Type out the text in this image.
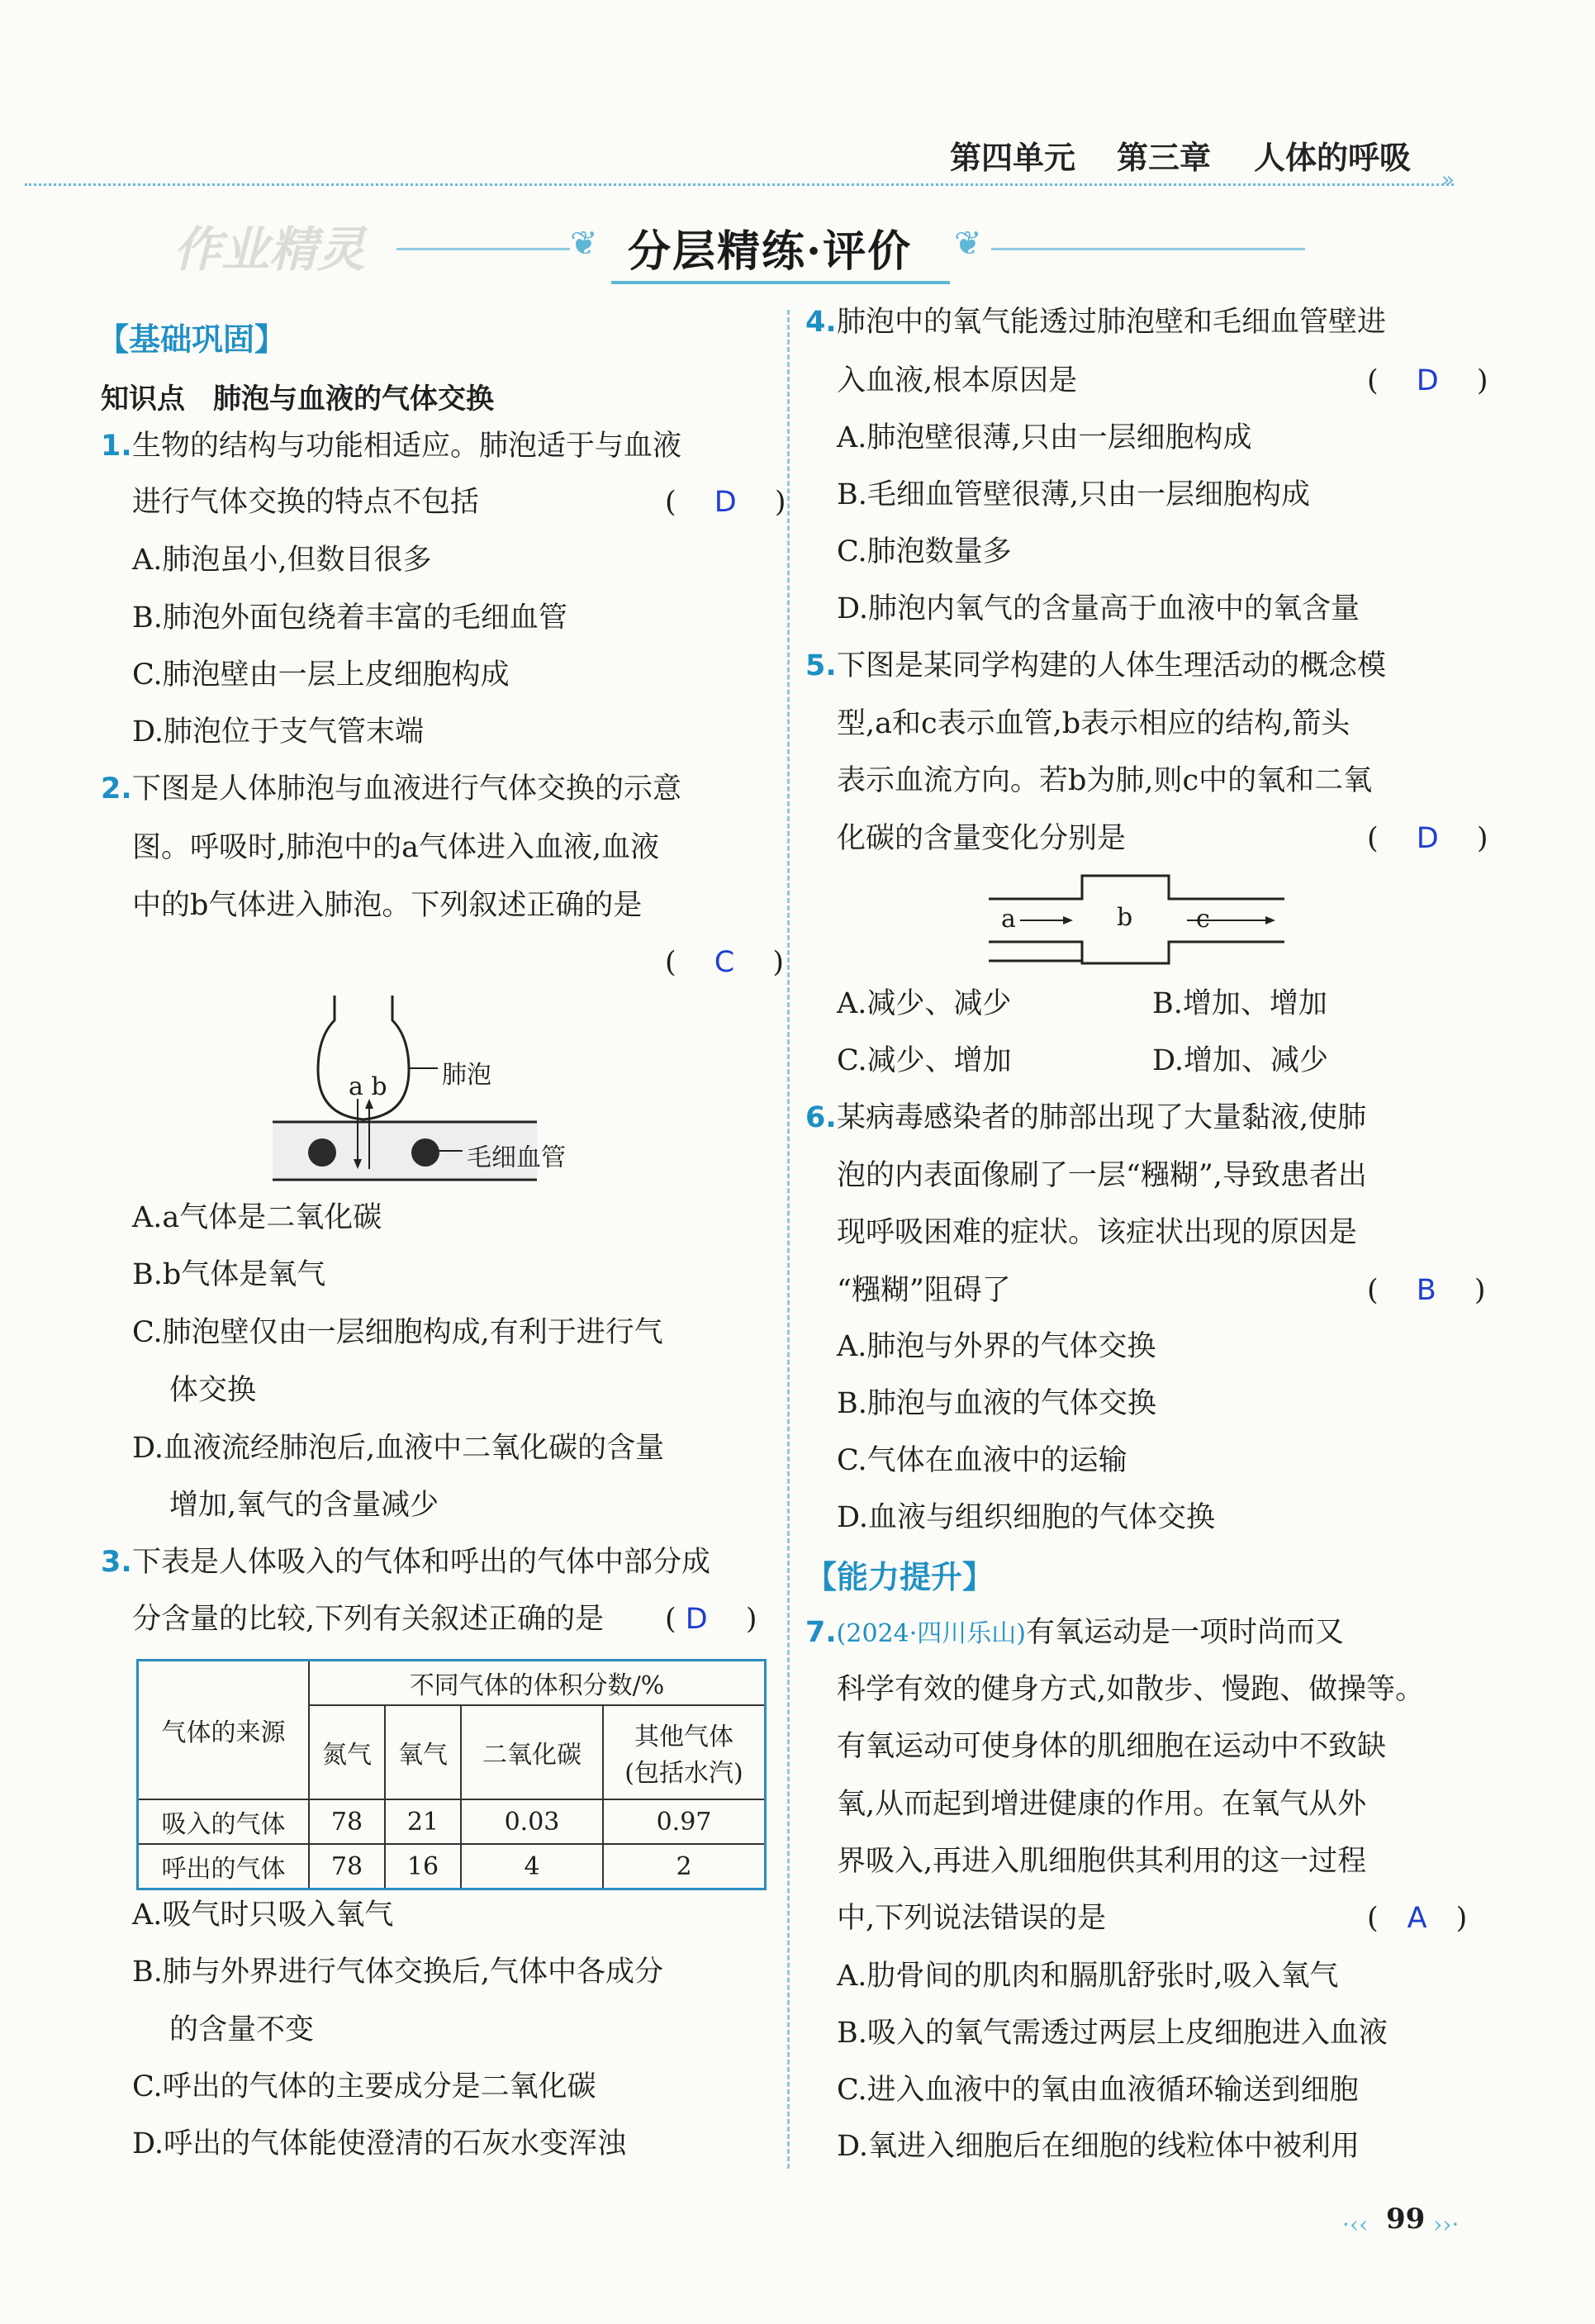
第四单元 第三章 人体的呼吸
»
作业精灵	❦	❦
分层精练·评价
【基础巩固】
知识点　肺泡与血液的气体交换
1. 生物的结构与功能相适应。肺泡适于与血液
进行气体交换的特点不包括	(　 D 　)
A.肺泡虽小,但数目很多
B.肺泡外面包绕着丰富的毛细血管
C.肺泡壁由一层上皮细胞构成
D.肺泡位于支气管末端
2. 下图是人体肺泡与血液进行气体交换的示意
图。呼吸时,肺泡中的a气体进入血液,血液
中的b气体进入肺泡。下列叙述正确的是
(　 C 　)
a b 肺泡
毛细血管
A.a气体是二氧化碳
B.b气体是氧气
C.肺泡壁仅由一层细胞构成,有利于进行气
体交换
D.血液流经肺泡后,血液中二氧化碳的含量
增加,氧气的含量减少
3. 下表是人体吸入的气体和呼出的气体中部分成
分含量的比较,下列有关叙述正确的是 ( D 　)
气体的来源	不同气体的体积分数/%			
	氮气	氧气	二氧化碳	其他气体
(包括水汽)

吸入的气体	78	21	0.03	0.97
呼出的气体	78	16	4	2
A.吸气时只吸入氧气
B.肺与外界进行气体交换后,气体中各成分
的含量不变
C.呼出的气体的主要成分是二氧化碳
D.呼出的气体能使澄清的石灰水变浑浊
4. 肺泡中的氧气能透过肺泡壁和毛细血管壁进
入血液,根本原因是	(　 D 　)
A.肺泡壁很薄,只由一层细胞构成
B.毛细血管壁很薄,只由一层细胞构成
C.肺泡数量多
D.肺泡内氧气的含量高于血液中的氧含量
5. 下图是某同学构建的人体生理活动的概念模
型,a和c表示血管,b表示相应的结构,箭头
表示血流方向。若b为肺,则c中的氧和二氧
化碳的含量变化分别是	(　 D 　)
a	b	c
A.减少、减少	B.增加、增加
C.减少、增加	D.增加、减少
6. 某病毒感染者的肺部出现了大量黏液,使肺
泡的内表面像刷了一层“糨糊”,导致患者出
现呼吸困难的症状。该症状出现的原因是
“糨糊”阻碍了	(　 B 　)
A.肺泡与外界的气体交换
B.肺泡与血液的气体交换
C.气体在血液中的运输
D.血液与组织细胞的气体交换
【能力提升】
7.(2024·四川乐山)有氧运动是一项时尚而又
科学有效的健身方式,如散步、慢跑、做操等。
有氧运动可使身体的肌细胞在运动中不致缺
氧,从而起到增进健康的作用。在氧气从外
界吸入,再进入肌细胞供其利用的这一过程
中,下列说法错误的是	(　A　)
A.肋骨间的肌肉和膈肌舒张时,吸入氧气
B.吸入的氧气需透过两层上皮细胞进入血液
C.进入血液中的氧由血液循环输送到细胞
D.氧进入细胞后在细胞的线粒体中被利用
·‹‹ 99 ››·
